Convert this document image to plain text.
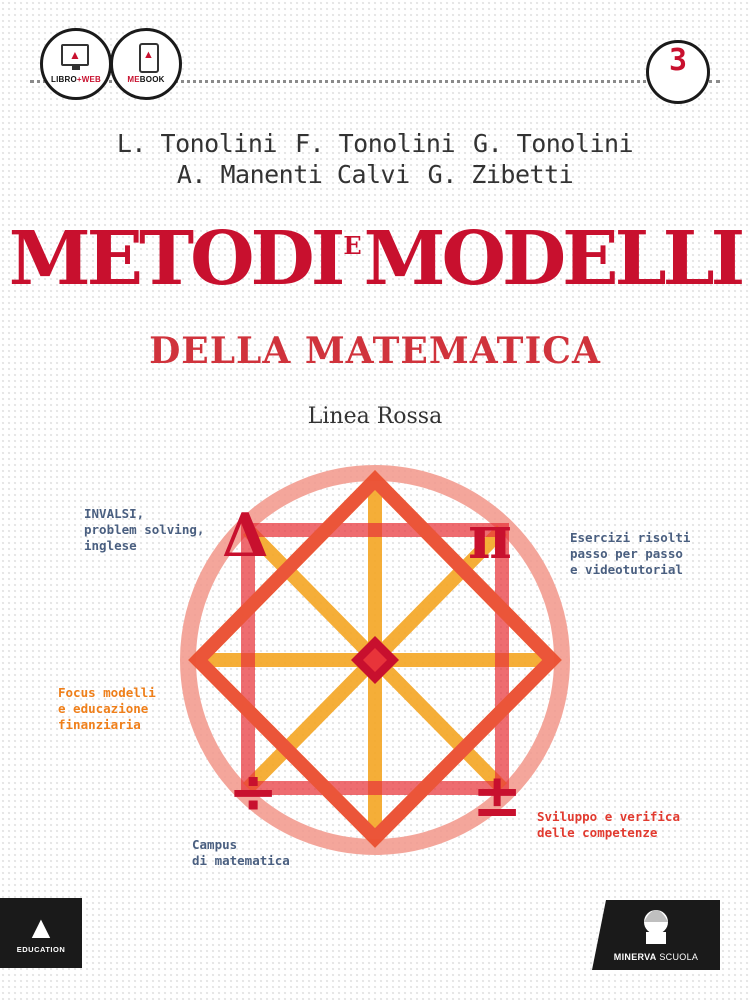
▲
LIBRO+WEB
▲
MEBOOK
3

L. Tonolini F. Tonolini G. Tonolini

A. Manenti Calvi G. Zibetti

$METODI^EMODELLI$
DELLA MATEMATICA

Linea Rossa

Δ	π
÷	±

INVALSI,
problem solving,
inglese

Esercizi risolti
passo per passo
e videotutorial

Focus modelli
e educazione
finanziaria

Sviluppo e verifica
delle competenze

Campus
di matematica

▲
EDUCATION
MINERVA SCUOLA
